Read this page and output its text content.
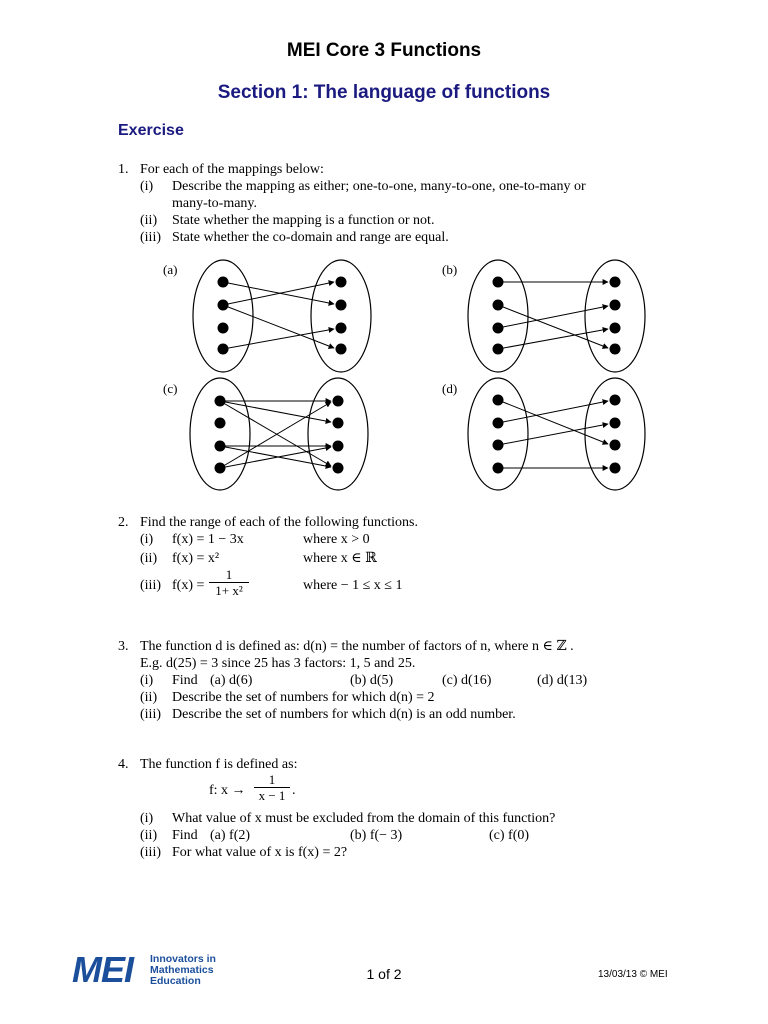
MEI Core 3 Functions
Section 1: The language of functions
Exercise
1. For each of the mappings below:
(i) Describe the mapping as either; one-to-one, many-to-one, one-to-many or
many-to-many.
(ii) State whether the mapping is a function or not.
(iii) State whether the co-domain and range are equal.
(a)	(b)
(c)	(d)
2. Find the range of each of the following functions.
(i) f(x) = 1 − 3x	where x > 0
(ii) f(x) = x²	where x ∈ ℝ
(iii) f(x) =
1
1+ x²	where − 1 ≤ x ≤ 1
3. The function d is defined as: d(n) = the number of factors of n, where n ∈ ℤ .
E.g. d(25) = 3 since 25 has 3 factors: 1, 5 and 25.
(i) Find (a) d(6)	(b) d(5)	(c) d(16)	(d) d(13)
(ii) Describe the set of numbers for which d(n) = 2
(iii) Describe the set of numbers for which d(n) is an odd number.
4. The function f is defined as:
f: x →
1
x − 1 .
(i) What value of x must be excluded from the domain of this function?
(ii) Find (a) f(2)	(b) f(− 3)	(c) f(0)
(iii) For what value of x is f(x) = 2?
MEI Innovators in
Mathematics
Education	1 of 2	13/03/13 © MEI
